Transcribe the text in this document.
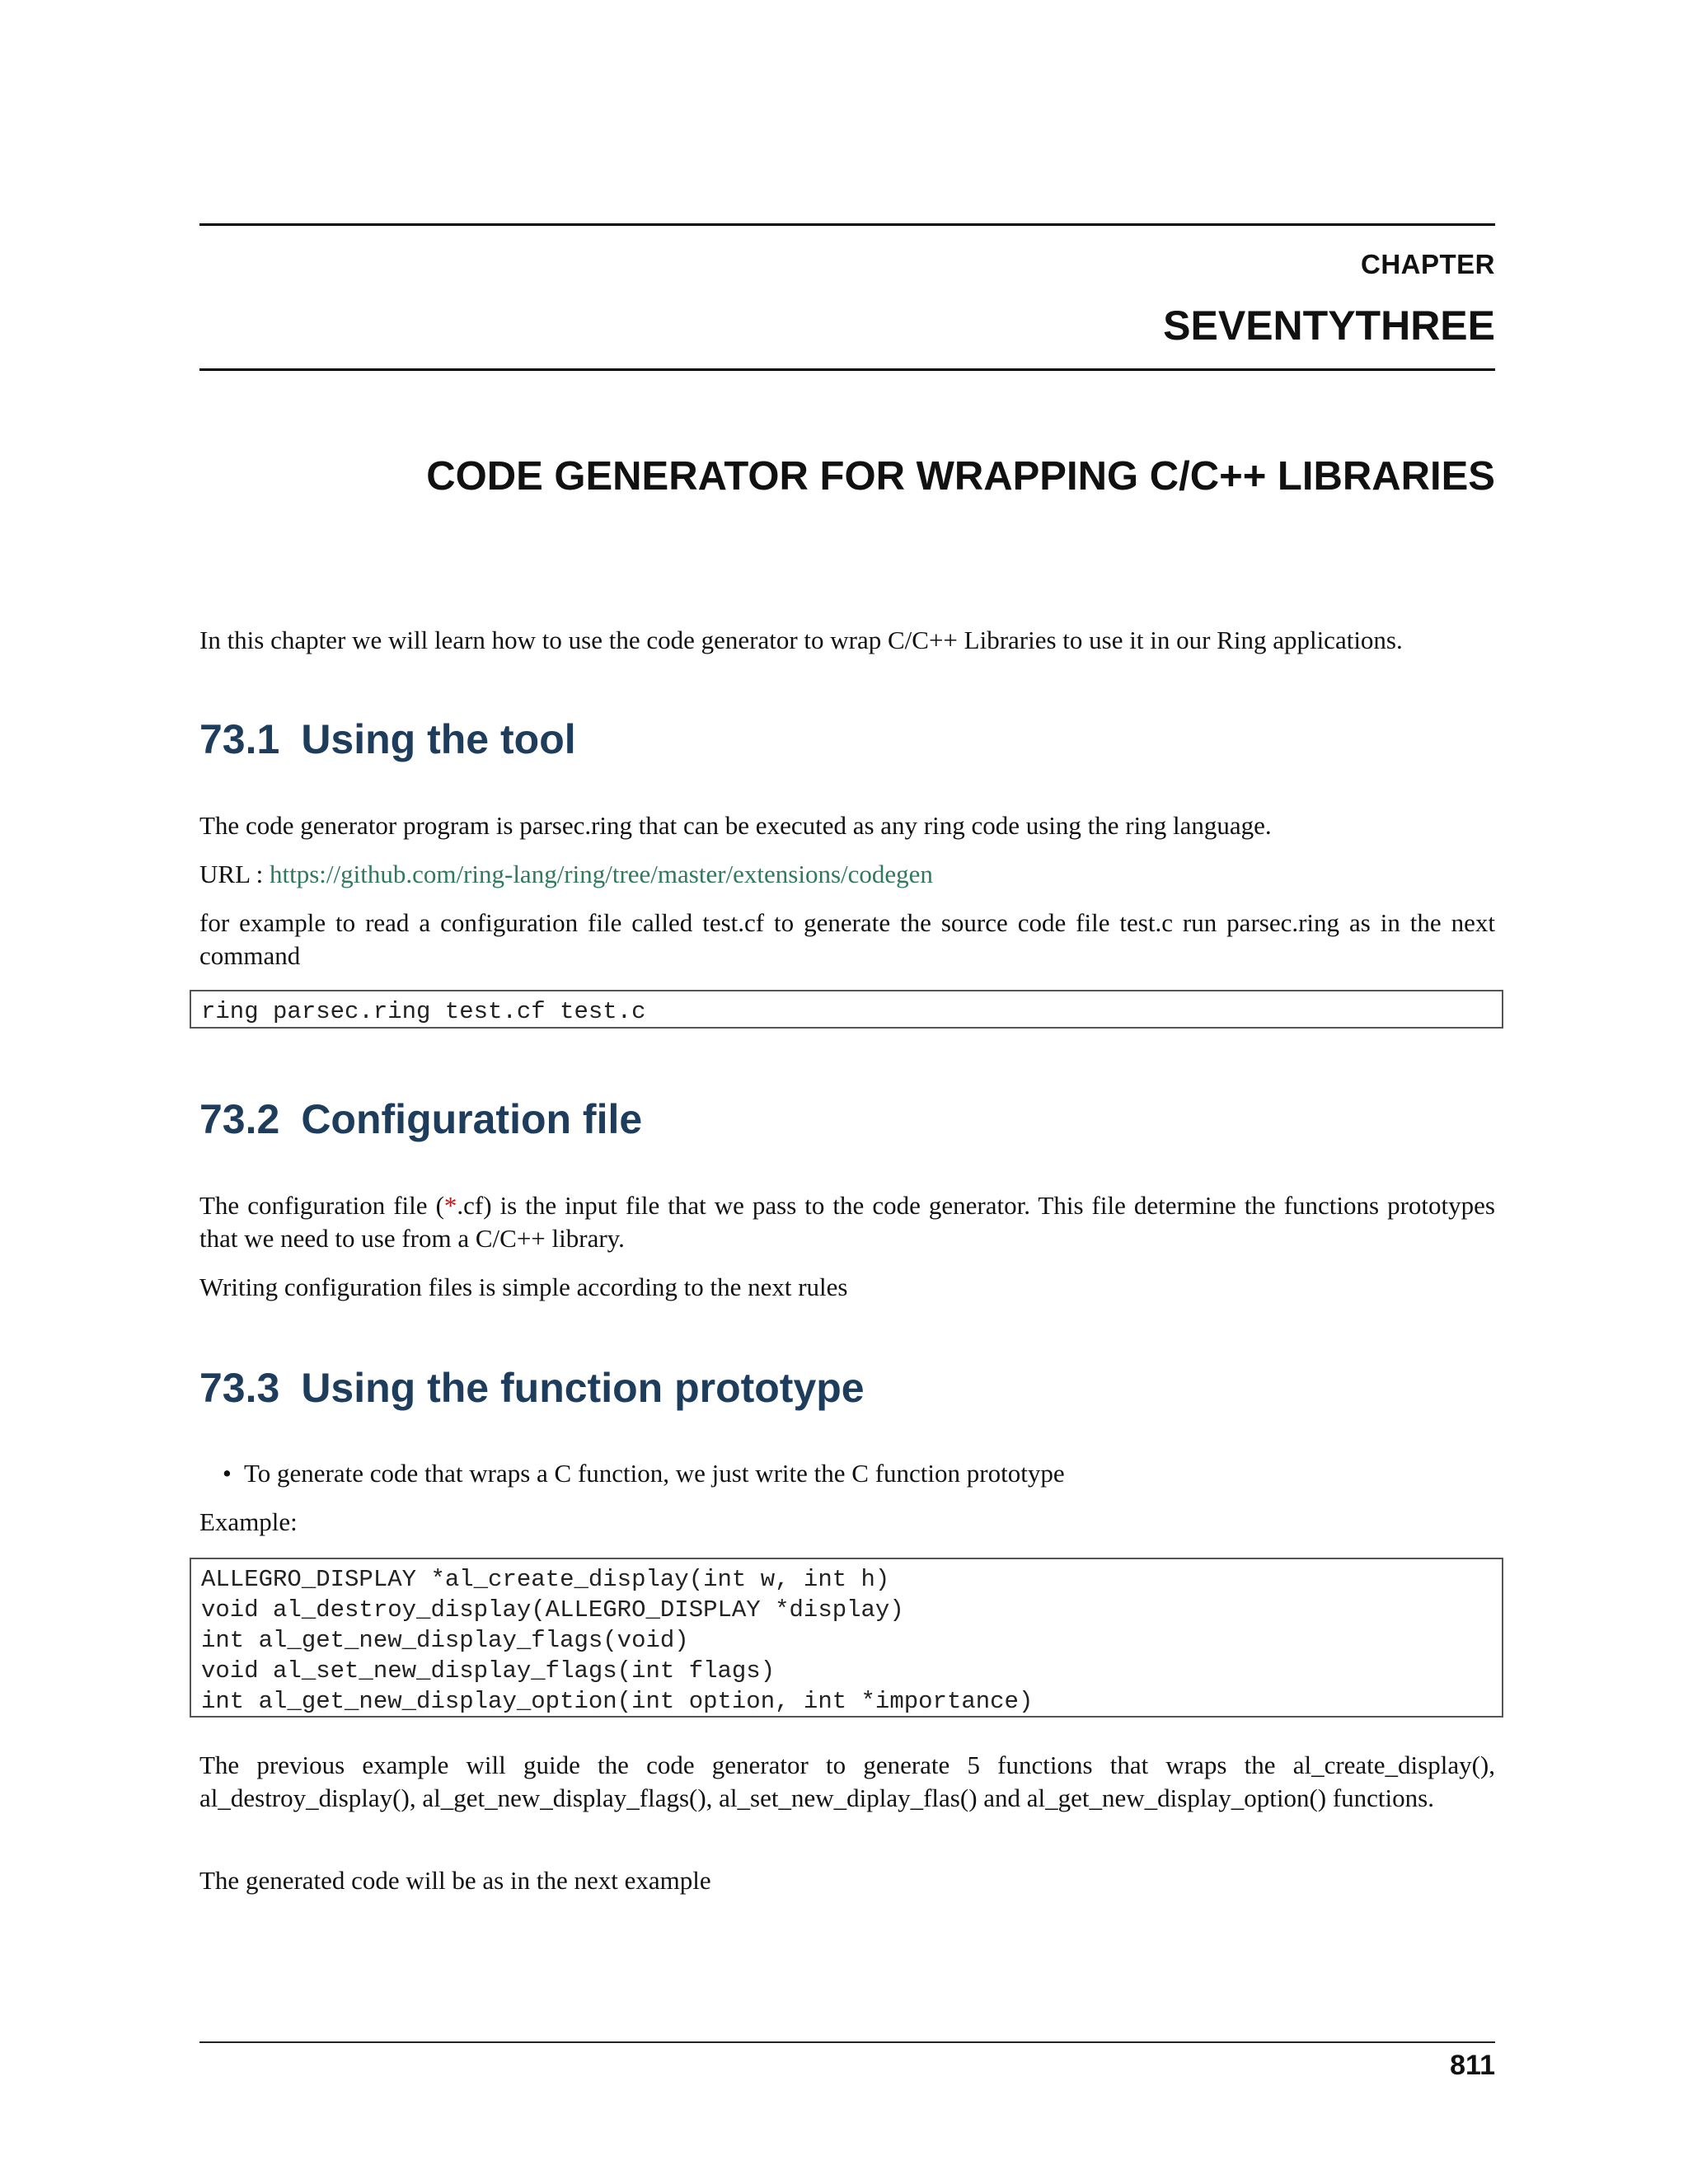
CHAPTER
SEVENTYTHREE
CODE GENERATOR FOR WRAPPING C/C++ LIBRARIES
In this chapter we will learn how to use the code generator to wrap C/C++ Libraries to use it in our Ring applications.
73.1 Using the tool
The code generator program is parsec.ring that can be executed as any ring code using the ring language.
URL : https://github.com/ring-lang/ring/tree/master/extensions/codegen
for example to read a configuration file called test.cf to generate the source code file test.c run parsec.ring as in the next command
ring parsec.ring test.cf test.c
73.2 Configuration file
The configuration file (*.cf) is the input file that we pass to the code generator. This file determine the functions prototypes that we need to use from a C/C++ library.
Writing configuration files is simple according to the next rules
73.3 Using the function prototype
• To generate code that wraps a C function, we just write the C function prototype
Example:
ALLEGRO_DISPLAY *al_create_display(int w, int h)
void al_destroy_display(ALLEGRO_DISPLAY *display)
int al_get_new_display_flags(void)
void al_set_new_display_flags(int flags)
int al_get_new_display_option(int option, int *importance)
The previous example will guide the code generator to generate 5 functions that wraps the al_create_display(), al_destroy_display(), al_get_new_display_flags(), al_set_new_diplay_flas() and al_get_new_display_option() functions.
The generated code will be as in the next example
811
